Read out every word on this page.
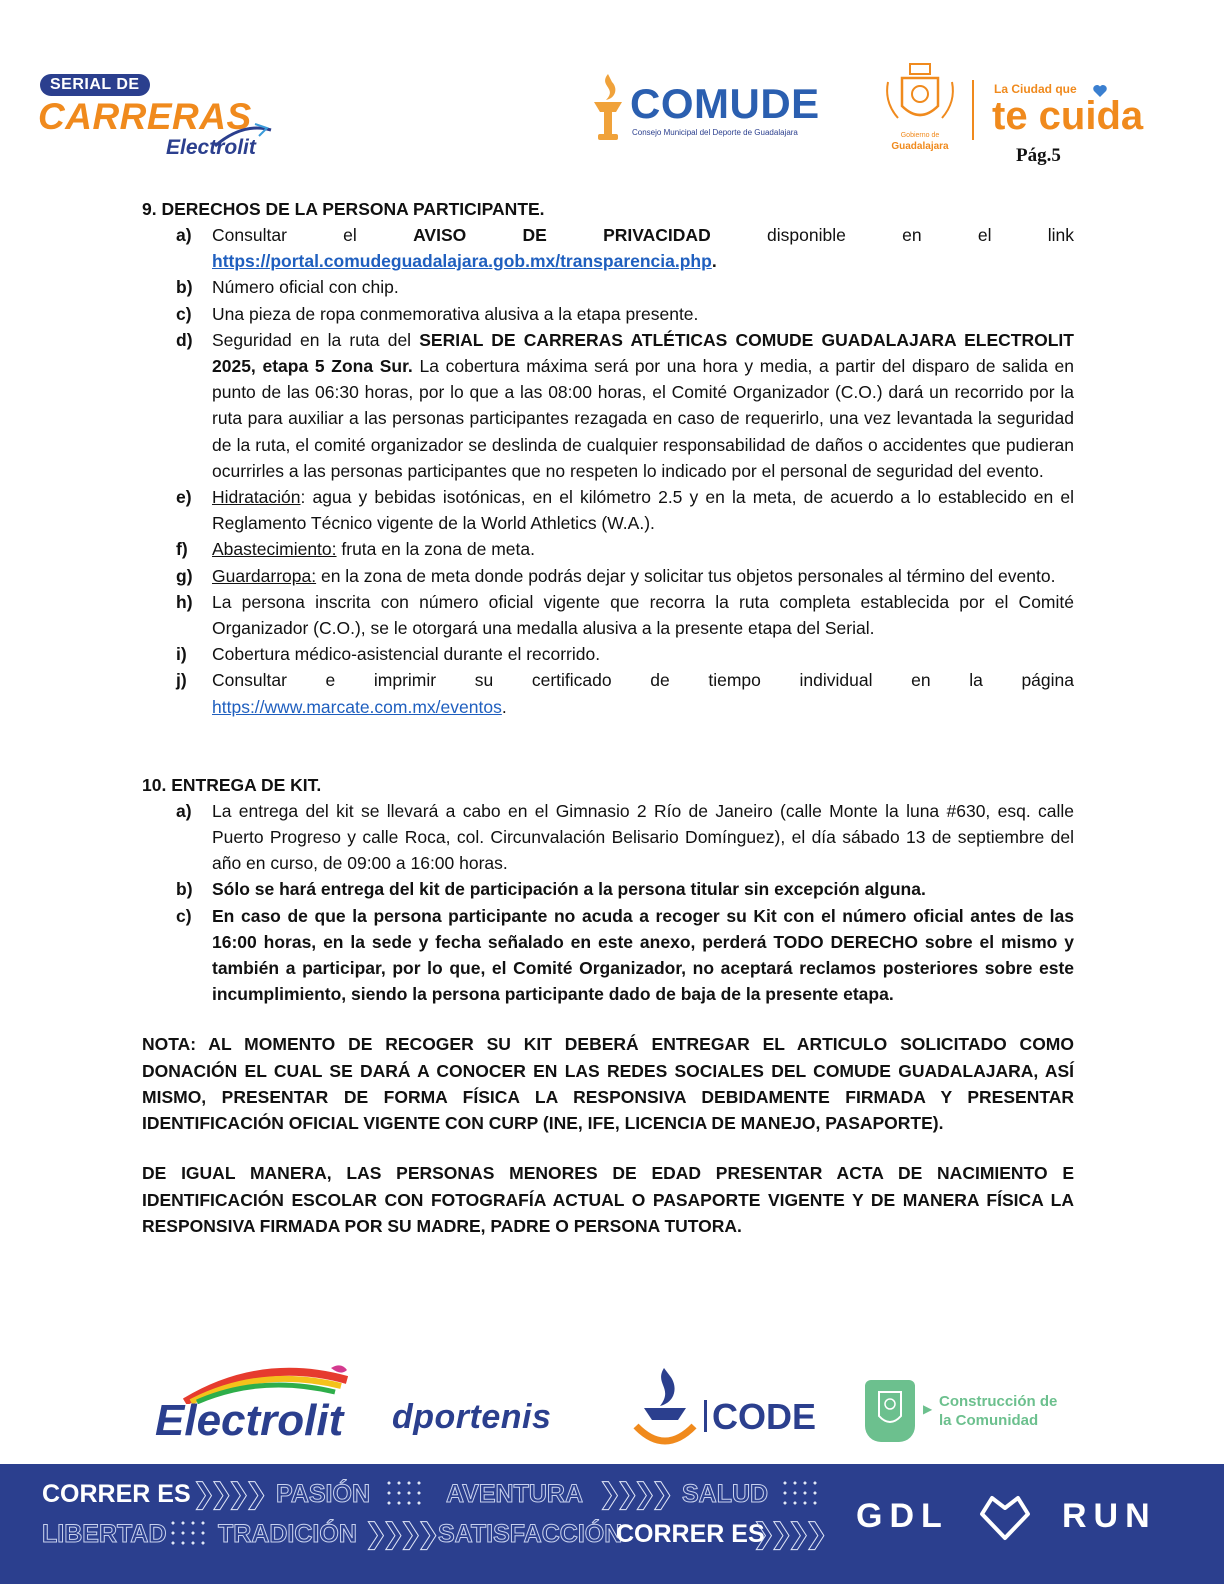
SERIAL DE
CARRERAS
Electrolit
COMUDE
Consejo Municipal del Deporte de Guadalajara	Gobierno de
Guadalajara
La Ciudad que
te cuida
Pág.5
9. DERECHOS DE LA PERSONA PARTICIPANTE.
a)	Consultar el AVISO DE PRIVACIDAD disponible en el link
https://portal.comudeguadalajara.gob.mx/transparencia.php.
b)	Número oficial con chip.
c)	Una pieza de ropa conmemorativa alusiva a la etapa presente.
d)	Seguridad en la ruta del SERIAL DE CARRERAS ATLÉTICAS COMUDE GUADALAJARA ELECTROLIT 2025, etapa 5 Zona Sur. La cobertura máxima será por una hora y media, a partir del disparo de salida en punto de las 06:30 horas, por lo que a las 08:00 horas, el Comité Organizador (C.O.) dará un recorrido por la ruta para auxiliar a las personas participantes rezagada en caso de requerirlo, una vez levantada la seguridad de la ruta, el comité organizador se deslinda de cualquier responsabilidad de daños o accidentes que pudieran ocurrirles a las personas participantes que no respeten lo indicado por el personal de seguridad del evento.
e)	Hidratación: agua y bebidas isotónicas, en el kilómetro 2.5 y en la meta, de acuerdo a lo establecido en el Reglamento Técnico vigente de la World Athletics (W.A.).
f)	Abastecimiento: fruta en la zona de meta.
g)	Guardarropa: en la zona de meta donde podrás dejar y solicitar tus objetos personales al término del evento.
h)	La persona inscrita con número oficial vigente que recorra la ruta completa establecida por el Comité Organizador (C.O.), se le otorgará una medalla alusiva a la presente etapa del Serial.
i)	Cobertura médico-asistencial durante el recorrido.
j)	Consultar e imprimir su certificado de tiempo individual en la página
https://www.marcate.com.mx/eventos.
10. ENTREGA DE KIT.
a)	La entrega del kit se llevará a cabo en el Gimnasio 2 Río de Janeiro (calle Monte la luna #630, esq. calle Puerto Progreso y calle Roca, col. Circunvalación Belisario Domínguez), el día sábado 13 de septiembre del año en curso, de 09:00 a 16:00 horas.
b)	Sólo se hará entrega del kit de participación a la persona titular sin excepción alguna.
c)	En caso de que la persona participante no acuda a recoger su Kit con el número oficial antes de las 16:00 horas, en la sede y fecha señalado en este anexo, perderá TODO DERECHO sobre el mismo y también a participar, por lo que, el Comité Organizador, no aceptará reclamos posteriores sobre este incumplimiento, siendo la persona participante dado de baja de la presente etapa.
NOTA: AL MOMENTO DE RECOGER SU KIT DEBERÁ ENTREGAR EL ARTICULO SOLICITADO COMO DONACIÓN EL CUAL SE DARÁ A CONOCER EN LAS REDES SOCIALES DEL COMUDE GUADALAJARA, ASÍ MISMO, PRESENTAR DE FORMA FÍSICA LA RESPONSIVA DEBIDAMENTE FIRMADA Y PRESENTAR IDENTIFICACIÓN OFICIAL VIGENTE CON CURP (INE, IFE, LICENCIA DE MANEJO, PASAPORTE).
DE IGUAL MANERA, LAS PERSONAS MENORES DE EDAD PRESENTAR ACTA DE NACIMIENTO E IDENTIFICACIÓN ESCOLAR CON FOTOGRAFÍA ACTUAL O PASAPORTE VIGENTE Y DE MANERA FÍSICA LA RESPONSIVA FIRMADA POR SU MADRE, PADRE O PERSONA TUTORA.
Electrolit dportenis	CODE	▶ Construcción de
la Comunidad
CORRER ES ❯❯❯❯ PASIÓN	AVENTURA ❯❯❯❯ SALUD
LIBERTAD TRADICIÓN ❯❯❯❯ SATISFACCIÓN
CORRER ES
❯❯❯❯ GDL	RUN
